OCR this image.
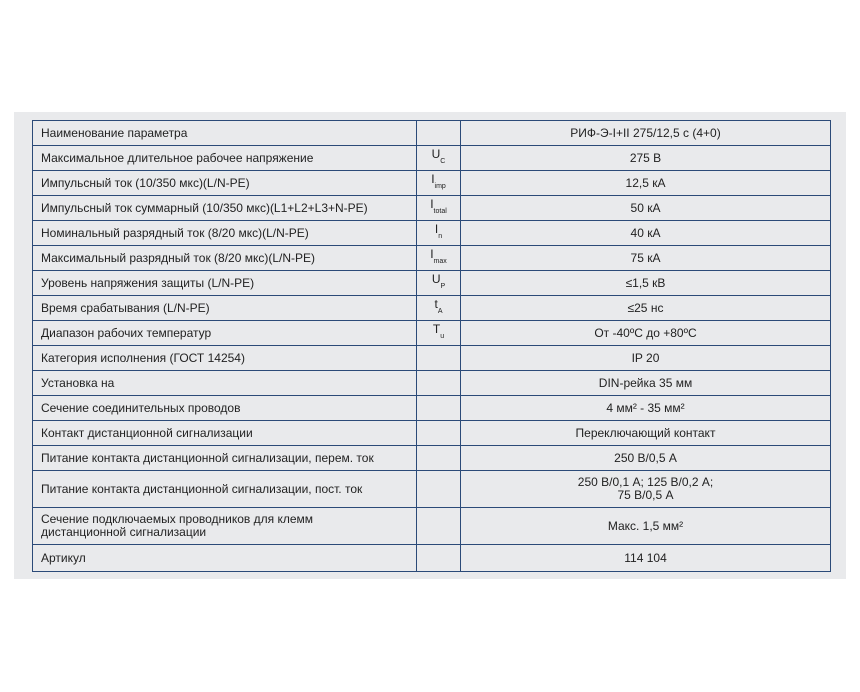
Наименование параметра		РИФ-Э-I+II 275/12,5 с (4+0)
Максимальное длительное рабочее напряжение	$U_C$	275 В
Импульсный ток (10/350 мкс)(L/N-PE)	$I_{imp}$	12,5 кА
Импульсный ток суммарный (10/350 мкс)(L1+L2+L3+N-PE)	$I_{total}$	50 кА
Номинальный разрядный ток (8/20 мкс)(L/N-PE)	$I_n$	40 кА
Максимальный разрядный ток (8/20 мкс)(L/N-PE)	$I_{max}$	75 кА
Уровень напряжения защиты (L/N-PE)	$U_P$	≤1,5 кВ
Время срабатывания (L/N-PE)	$t_A$	≤25 нс
Диапазон рабочих температур	$T_u$	От -40ºС до +80ºС
Категория исполнения (ГОСТ 14254)		IP 20
Установка на		DIN-рейка 35 мм
Сечение соединительных проводов		4 мм² - 35 мм²
Контакт дистанционной сигнализации		Переключающий контакт
Питание контакта дистанционной сигнализации, перем. ток		250 В/0,5 А
Питание контакта дистанционной сигнализации, пост. ток		250 В/0,1 А; 125 В/0,2 А;
75 В/0,5 А
Сечение подключаемых проводников для клемм
дистанционной сигнализации		Макс. 1,5 мм²
Артикул		114 104
